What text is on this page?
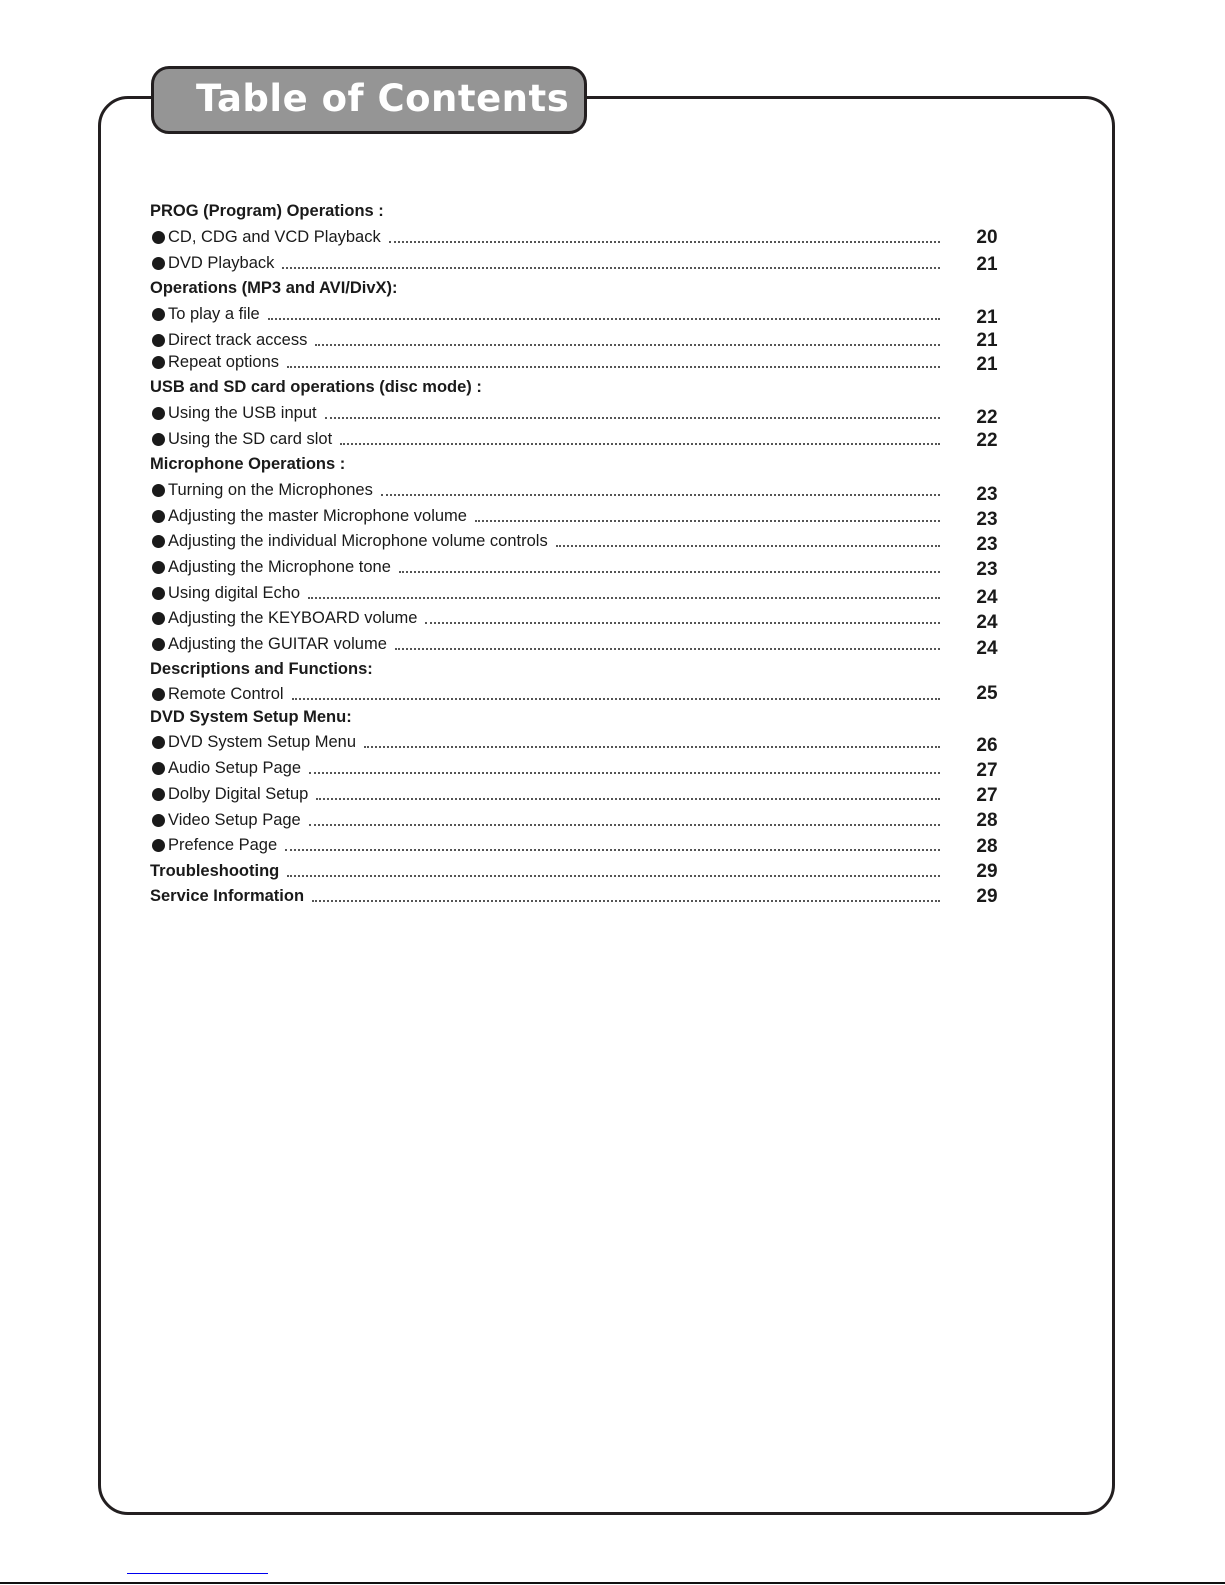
Table of Contents
PROG (Program) Operations :
20
CD, CDG and VCD Playback
21
DVD Playback
Operations (MP3 and AVI/DivX):
21
To play a file
21
Direct track access
21
Repeat options
USB and SD card operations (disc mode) :
22
Using the USB input
22
Using the SD card slot
Microphone Operations :
23
Turning on the Microphones
23
Adjusting the master Microphone volume
23
Adjusting the individual Microphone volume controls
23
Adjusting the Microphone tone
24
Using digital Echo
24
Adjusting the KEYBOARD volume
24
Adjusting the GUITAR volume
Descriptions and Functions:
25
Remote Control
DVD System Setup Menu:
26
DVD System Setup Menu
27
Audio Setup Page
27
Dolby Digital Setup
28
Video Setup Page
28
Prefence Page
29
Troubleshooting
29
Service Information
